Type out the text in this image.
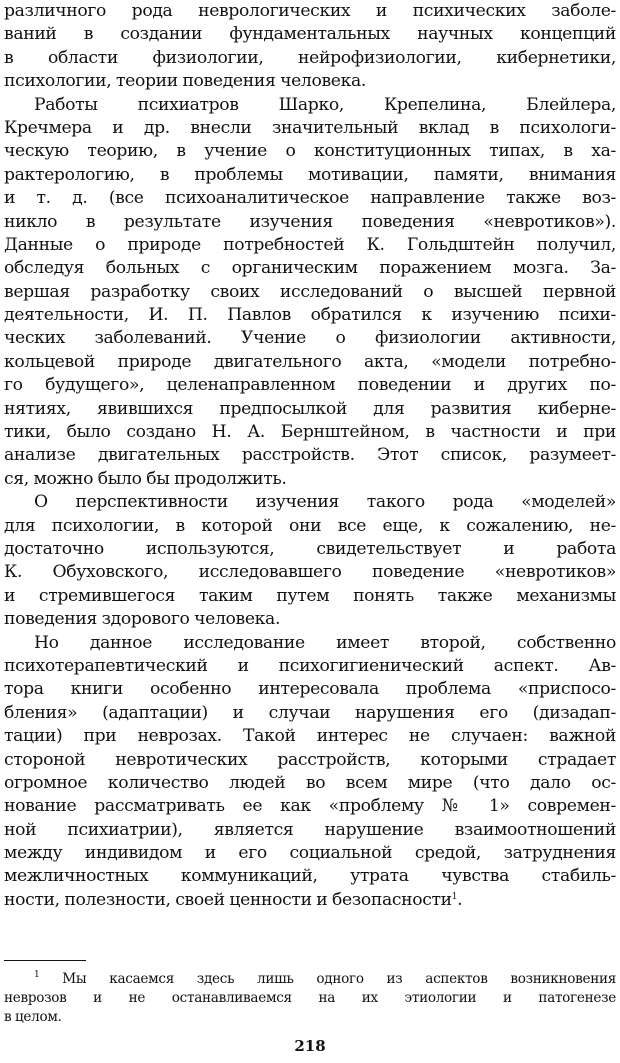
различного рода неврологических и психических заболе-
ваний в создании фундаментальных научных концепций
в области физиологии, нейрофизиологии, кибернетики,
психологии, теории поведения человека.
Работы психиатров Шарко, Крепелина, Блейлера,
Кречмера и др. внесли значительный вклад в психологи-
ческую теорию, в учение о конституционных типах, в ха-
рактерологию, в проблемы мотивации, памяти, внимания
и т. д. (все психоаналитическое направление также воз-
никло в результате изучения поведения «невротиков»).
Данные о природе потребностей К. Гольдштейн получил,
обследуя больных с органическим поражением мозга. За-
вершая разработку своих исследований о высшей первной
деятельности, И. П. Павлов обратился к изучению психи-
ческих заболеваний. Учение о физиологии активности,
кольцевой природе двигательного акта, «модели потребно-
го будущего», целенаправленном поведении и других по-
нятиях, явившихся предпосылкой для развития киберне-
тики, было создано Н. А. Бернштейном, в частности и при
анализе двигательных расстройств. Этот список, разумеет-
ся, можно было бы продолжить.
О перспективности изучения такого рода «моделей»
для психологии, в которой они все еще, к сожалению, не-
достаточно используются, свидетельствует и работа
К. Обуховского, исследовавшего поведение «невротиков»
и стремившегося таким путем понять также механизмы
поведения здорового человека.
Но данное исследование имеет второй, собственно
психотерапевтический и психогигиенический аспект. Ав-
тора книги особенно интересовала проблема «приспосо-
бления» (адаптации) и случаи нарушения его (дизадап-
тации) при неврозах. Такой интерес не случаен: важной
стороной невротических расстройств, которыми страдает
огромное количество людей во всем мире (что дало ос-
нование рассматривать ее как «проблему № 1» современ-
ной психиатрии), является нарушение взаимоотношений
между индивидом и его социальной средой, затруднения
межличностных коммуникаций, утрата чувства стабиль-
ности, полезности, своей ценности и безопасности$^1$.
$^1$ Мы касаемся здесь лишь одного из аспектов возникновения
неврозов и не останавливаемся на их этиологии и патогенезе
в целом.
218
